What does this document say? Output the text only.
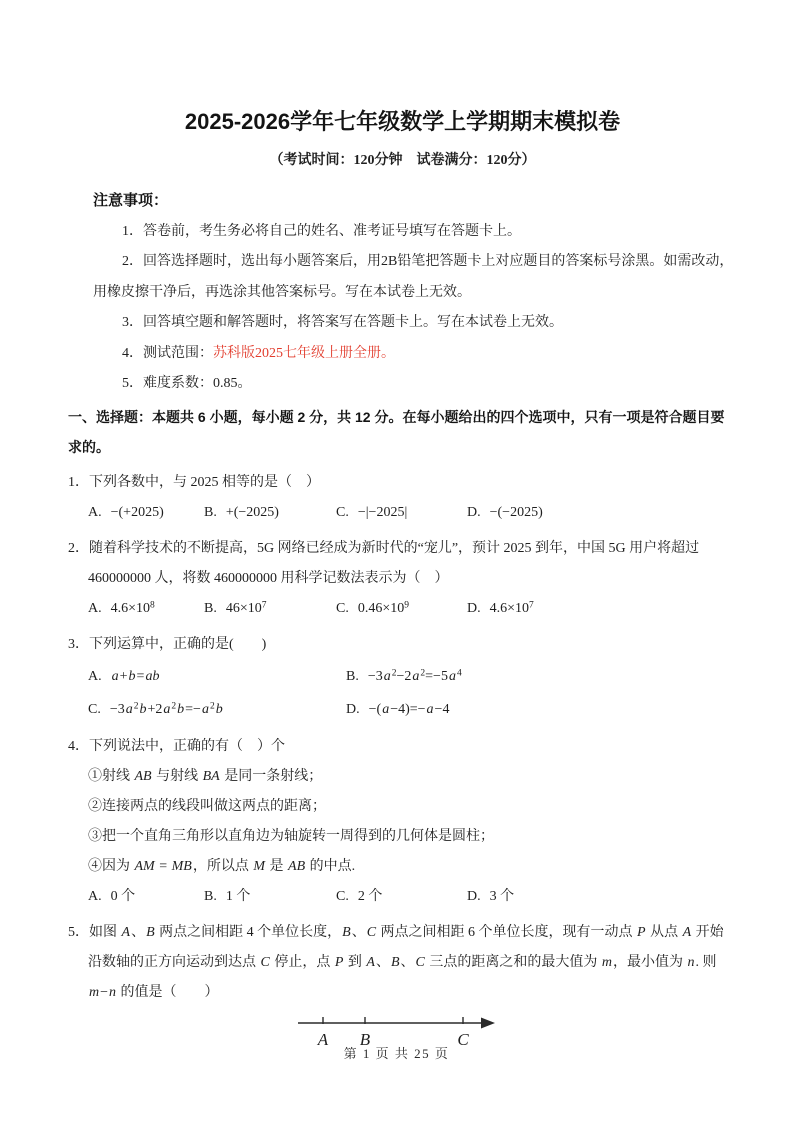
2025-2026学年七年级数学上学期期末模拟卷

（考试时间：120分钟　试卷满分：120分）

注意事项：

1．答卷前，考生务必将自己的姓名、准考证号填写在答题卡上。

2．回答选择题时，选出每小题答案后，用2B铅笔把答题卡上对应题目的答案标号涂黑。如需改动，
用橡皮擦干净后，再选涂其他答案标号。写在本试卷上无效。

3．回答填空题和解答题时，将答案写在答题卡上。写在本试卷上无效。

4．测试范围：苏科版2025七年级上册全册。

5．难度系数：0.85。

一、选择题：本题共 6 小题，每小题 2 分，共 12 分。在每小题给出的四个选项中，只有一项是符合题目要
求的。

1．下列各数中，与 2025 相等的是（　）

A. −(+2025)	B. +(−2025)	C. −|−2025|	D. −(−2025)

2．随着科学技术的不断提高，5G 网络已经成为新时代的“宠儿”，预计 2025 到年，中国 5G 用户将超过
460000000 人，将数 460000000 用科学记数法表示为（　）

A. $4.6\times 10^8$	B. $46\times 10^7$	C. $0.46\times 10^9$	D. $4.6\times 10^7$

3．下列运算中，正确的是(　　)

A. a+b=ab	B. $-3a^2-2a^2=-5a^4$
C. $-3a^2b+2a^2b=-a^2b$	D. −(a−4)=−a−4

4．下列说法中，正确的有（　）个

①射线 AB 与射线 BA 是同一条射线；

②连接两点的线段叫做这两点的距离；

③把一个直角三角形以直角边为轴旋转一周得到的几何体是圆柱；

④因为 AM = MB，所以点 M 是 AB 的中点.

A. 0 个	B. 1 个	C. 2 个	D. 3 个

5．如图 A、B 两点之间相距 4 个单位长度，B、C 两点之间相距 6 个单位长度，现有一动点 P 从点 A 开始沿数轴的正方向运动到达点 C 停止，点 P 到 A、B、C 三点的距离之和的最大值为 m，最小值为 n. 则 m−n 的值是（　　）

A B	C
第 1 页 共 25 页
